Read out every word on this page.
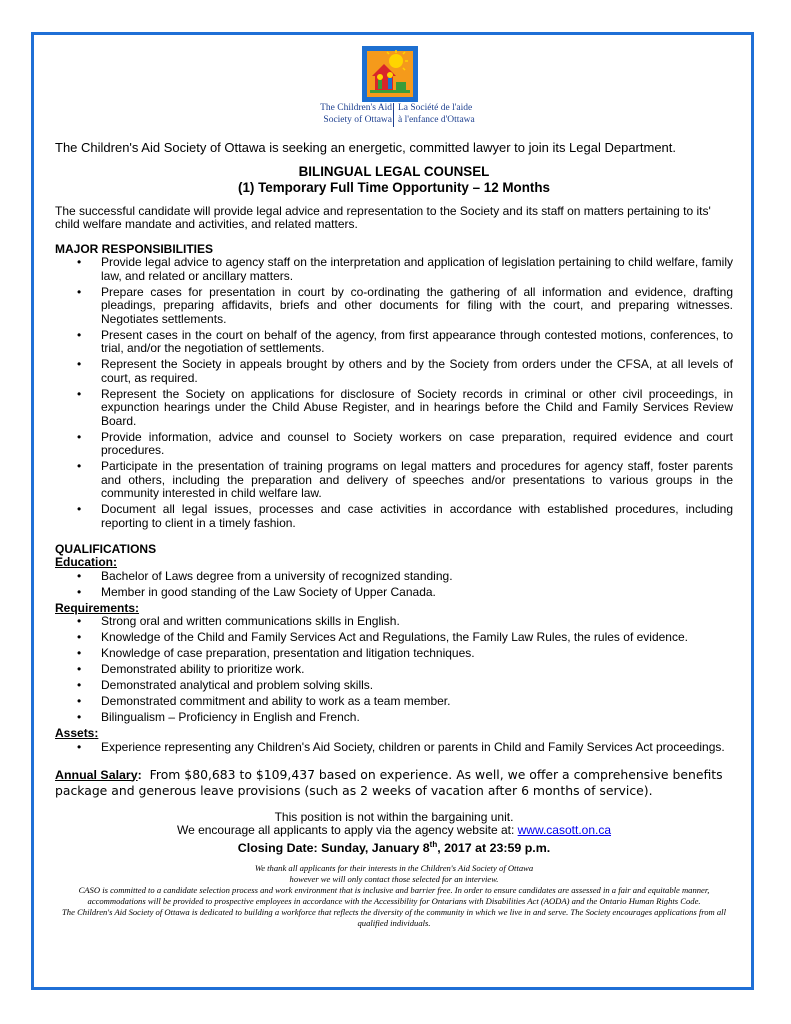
The Children's Aid
Society of Ottawa
La Société de l'aide
à l'enfance d'Ottawa

The Children's Aid Society of Ottawa is seeking an energetic, committed lawyer to join its Legal Department.

BILINGUAL LEGAL COUNSEL
(1) Temporary Full Time Opportunity – 12 Months

The successful candidate will provide legal advice and representation to the Society and its staff on matters pertaining to its' child welfare mandate and activities, and related matters.

MAJOR RESPONSIBILITIES

• Provide legal advice to agency staff on the interpretation and application of legislation pertaining to child welfare, family law, and related or ancillary matters.
• Prepare cases for presentation in court by co-ordinating the gathering of all information and evidence, drafting pleadings, preparing affidavits, briefs and other documents for filing with the court, and preparing witnesses. Negotiates settlements.
• Present cases in the court on behalf of the agency, from first appearance through contested motions, conferences, to trial, and/or the negotiation of settlements.
• Represent the Society in appeals brought by others and by the Society from orders under the CFSA, at all levels of court, as required.
• Represent the Society on applications for disclosure of Society records in criminal or other civil proceedings, in expunction hearings under the Child Abuse Register, and in hearings before the Child and Family Services Review Board.
• Provide information, advice and counsel to Society workers on case preparation, required evidence and court procedures.
• Participate in the presentation of training programs on legal matters and procedures for agency staff, foster parents and others, including the preparation and delivery of speeches and/or presentations to various groups in the community interested in child welfare law.
• Document all legal issues, processes and case activities in accordance with established procedures, including reporting to client in a timely fashion.

QUALIFICATIONS

Education:

• Bachelor of Laws degree from a university of recognized standing.
• Member in good standing of the Law Society of Upper Canada.

Requirements:

• Strong oral and written communications skills in English.
• Knowledge of the Child and Family Services Act and Regulations, the Family Law Rules, the rules of evidence.
• Knowledge of case preparation, presentation and litigation techniques.
• Demonstrated ability to prioritize work.
• Demonstrated analytical and problem solving skills.
• Demonstrated commitment and ability to work as a team member.
• Bilingualism – Proficiency in English and French.

Assets:

• Experience representing any Children's Aid Society, children or parents in Child and Family Services Act proceedings.

Annual Salary: From $80,683 to $109,437 based on experience. As well, we offer a comprehensive benefits package and generous leave provisions (such as 2 weeks of vacation after 6 months of service).

This position is not within the bargaining unit.
We encourage all applicants to apply via the agency website at: www.casott.on.ca
Closing Date: Sunday, January 8th, 2017 at 23:59 p.m.
We thank all applicants for their interests in the Children's Aid Society of Ottawa
however we will only contact those selected for an interview.
CASO is committed to a candidate selection process and work environment that is inclusive and barrier free. In order to ensure candidates are assessed in a fair and equitable manner, accommodations will be provided to prospective employees in accordance with the Accessibility for Ontarians with Disabilities Act (AODA) and the Ontario Human Rights Code.
The Children's Aid Society of Ottawa is dedicated to building a workforce that reflects the diversity of the community in which we live in and serve. The Society encourages applications from all qualified individuals.
